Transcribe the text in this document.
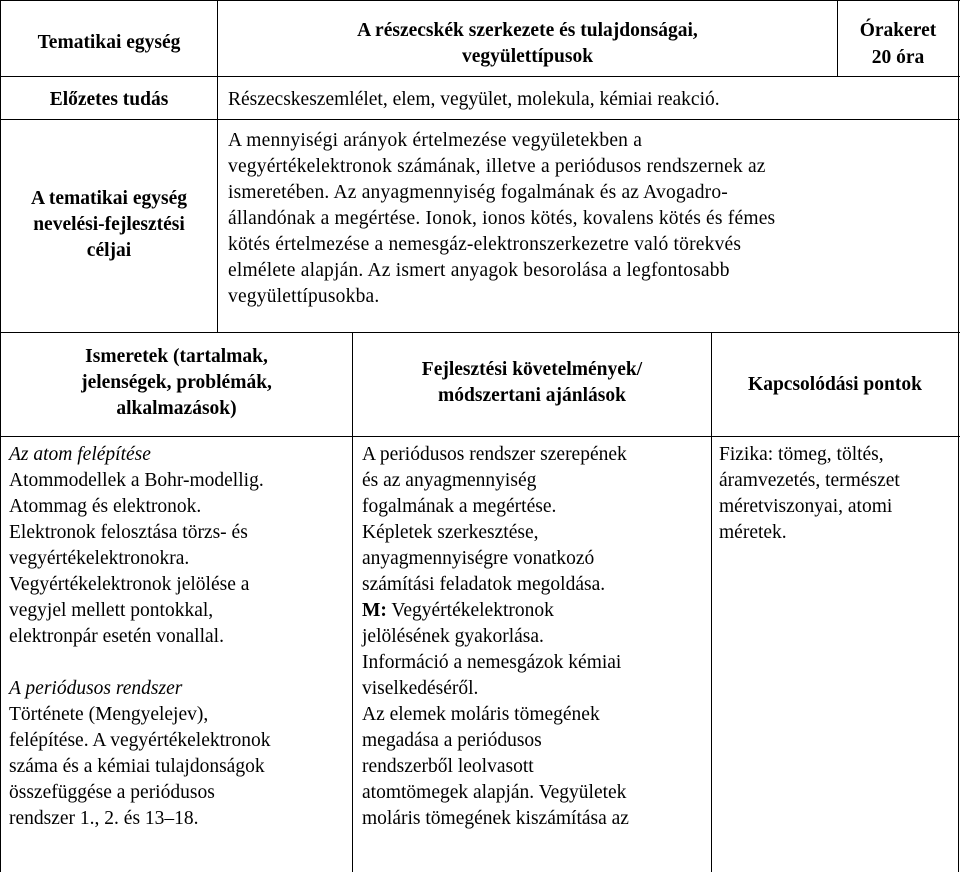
Tematikai egység
A részecskék szerkezete és tulajdonságai,
vegyülettípusok
Órakeret
20 óra
Előzetes tudás	Részecskeszemlélet, elem, vegyület, molekula, kémiai reakció.
A tematikai egység
nevelési-fejlesztési
céljai
A mennyiségi arányok értelmezése vegyületekben a
vegyértékelektronok számának, illetve a periódusos rendszernek az
ismeretében. Az anyagmennyiség fogalmának és az Avogadro-
állandónak a megértése. Ionok, ionos kötés, kovalens kötés és fémes
kötés értelmezése a nemesgáz-elektronszerkezetre való törekvés
elmélete alapján. Az ismert anyagok besorolása a legfontosabb
vegyülettípusokba.
Ismeretek (tartalmak,
jelenségek, problémák,
alkalmazások)
Fejlesztési követelmények/
módszertani ajánlások
Kapcsolódási pontok

Az atom felépítése

Atommodellek a Bohr-modellig.
Atommag és elektronok.
Elektronok felosztása törzs- és
vegyértékelektronokra.
Vegyértékelektronok jelölése a
vegyjel mellett pontokkal,
elektronpár esetén vonallal.

A periódusos rendszer

Története (Mengyelejev),
felépítése. A vegyértékelektronok
száma és a kémiai tulajdonságok
összefüggése a periódusos
rendszer 1., 2. és 13–18.

A periódusos rendszer szerepének
és az anyagmennyiség
fogalmának a megértése.
Képletek szerkesztése,
anyagmennyiségre vonatkozó
számítási feladatok megoldása.

M: Vegyértékelektronok
jelölésének gyakorlása.

Információ a nemesgázok kémiai
viselkedéséről.
Az elemek moláris tömegének
megadása a periódusos
rendszerből leolvasott
atomtömegek alapján. Vegyületek
moláris tömegének kiszámítása az

Fizika: tömeg, töltés,
áramvezetés, természet
méretviszonyai, atomi
méretek.
